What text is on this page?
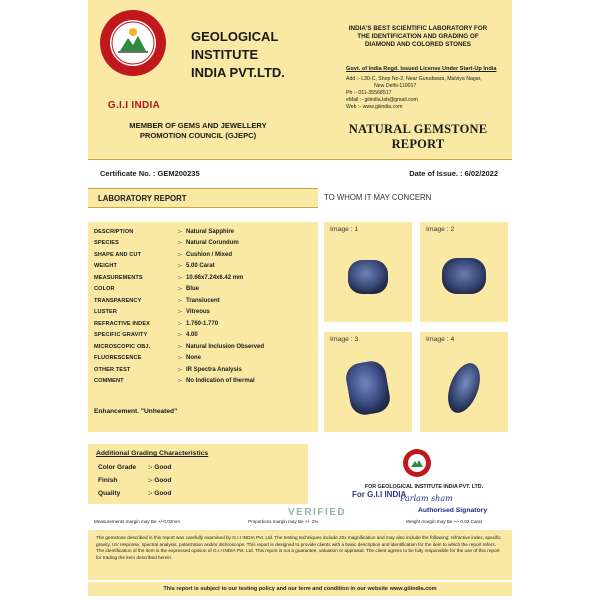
G.I.I INDIA
GEOLOGICAL
INSTITUTE
INDIA PVT.LTD.
MEMBER OF GEMS AND JEWELLERY
PROMOTION COUNCIL (GJEPC)
INDIA'S BEST SCIENTIFIC LABORATORY FOR
THE IDENTIFICATION AND GRADING OF
DIAMOND AND COLORED STONES
Govt. of India Regd. Issued License Under Start-Up India
Add :- L30-C, Shop No-2, Near Gurudwara, Malviya Nagar,
New Delhi-110017
Ph :- 011-35568517
eMail :- giiindia.lab@gmail.com
Web :- www.giiindia.com
NATURAL GEMSTONE
REPORT
Certificate No. : GEM200235	Date of Issue. : 6/02/2022
LABORATORY REPORT	TO WHOM IT MAY CONCERN
DESCRIPTION	:- Natural Sapphire
SPECIES	:- Natural Corundum
SHAPE AND CUT	:- Cushion / Mixed
WEIGHT	:- 5.00 Carat
MEASUREMENTS	:- 10.66x7.24x6.42 mm
COLOR	:- Blue
TRANSPARENCY	:- Translucent
LUSTER	:- Vitreous
REFRACTIVE INDEX	:- 1.760-1.770
SPECIFIC GRAVITY	:- 4.00
MICROSCOPIC OBJ.	:- Natural Inclusion Observed
FLUORESCENCE	:- None
OTHER TEST	:- IR Spectra Analysis
COMMENT	:- No Indication of thermal
Enhancement. "Unheated"
Image : 1	Image : 2
Image : 3	Image : 4
Additional Grading Characteristics
Color Grade	:- Good
Finish	:- Good
Quality	:- Good
FOR GEOLOGICAL INSTITUTE INDIA PVT. LTD.
For G.I.I INDIA
Parlam sham
Authorised Signatory
VERIFIED
Measurements margin may Be +/-0.02mm	Proportions margin may Be +/- 2%	Weight margin may Be +/- 0.02 Carat
The gemstone described in this report was carefully examined by G.I.I INDIA Pvt. Ltd. The testing techniques include 20x magnification and may also include the following: refractive index, specific gravity, UV response, spectral analysis, polarization and/or dichroscope. This report is designed to provide clients with a basic description and identification for the item to which the report refers. The identification of the item is the expressed opinion of G.I.I INDIA Pvt. Ltd. This report is not a guarantee, valuation or appraisal. The client agrees to be fully responsible for the use of this report for trading the item described herein.
This report is subject to our testing policy and our term and condition in our website www.giiindia.com
